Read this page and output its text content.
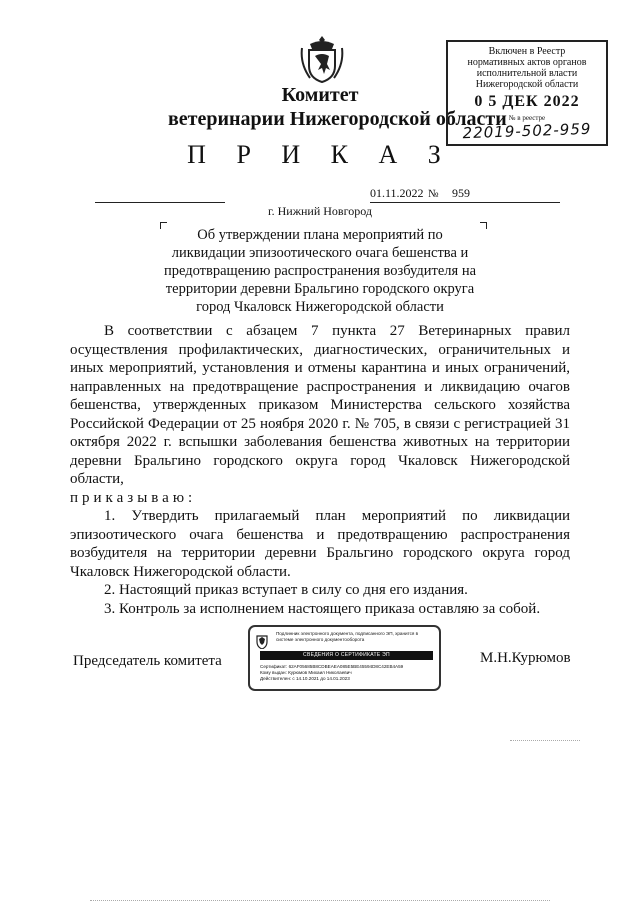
Комитет
ветеринарии Нижегородской области
Включен в Реестр
нормативных актов органов
исполнительной власти
Нижегородской области
0 5 ДЕК 2022
№ в реестре
22019-502-959
П Р И К А З
01.11.2022 № 959
г. Нижний Новгород
Об утверждении плана мероприятий по ликвидации эпизоотического очага бешенства и предотвращению распространения возбудителя на территории деревни Бральгино городского округа город Чкаловск Нижегородской области

В соответствии с абзацем 7 пункта 27 Ветеринарных правил осуществления профилактических, диагностических, ограничительных и иных мероприятий, установления и отмены карантина и иных ограничений, направленных на предотвращение распространения и ликвидацию очагов бешенства, утвержденных приказом Министерства сельского хозяйства Российской Федерации от 25 ноября 2020 г. № 705, в связи с регистрацией 31 октября 2022 г. вспышки заболевания бешенства животных на территории деревни Бральгино городского округа город Чкаловск Нижегородской области,

приказываю:

1. Утвердить прилагаемый план мероприятий по ликвидации эпизоотического очага бешенства и предотвращению распространения возбудителя на территории деревни Бральгино городского округа город Чкаловск Нижегородской области.

2. Настоящий приказ вступает в силу со дня его издания.

3. Контроль за исполнением настоящего приказа оставляю за собой.

Председатель комитета	М.Н.Курюмов
Подлинник электронного документа, подписанного ЭП, хранится в системе электронного документооборота
СВЕДЕНИЯ О СЕРТИФИКАТЕ ЭП
Сертификат: 62AF05685B8CDBEAEA085E5BE45594D8C42EB4A59
Кому выдан: Курюмов Михаил Николаевич
Действителен: с 14.10.2021 до 14.01.2023
